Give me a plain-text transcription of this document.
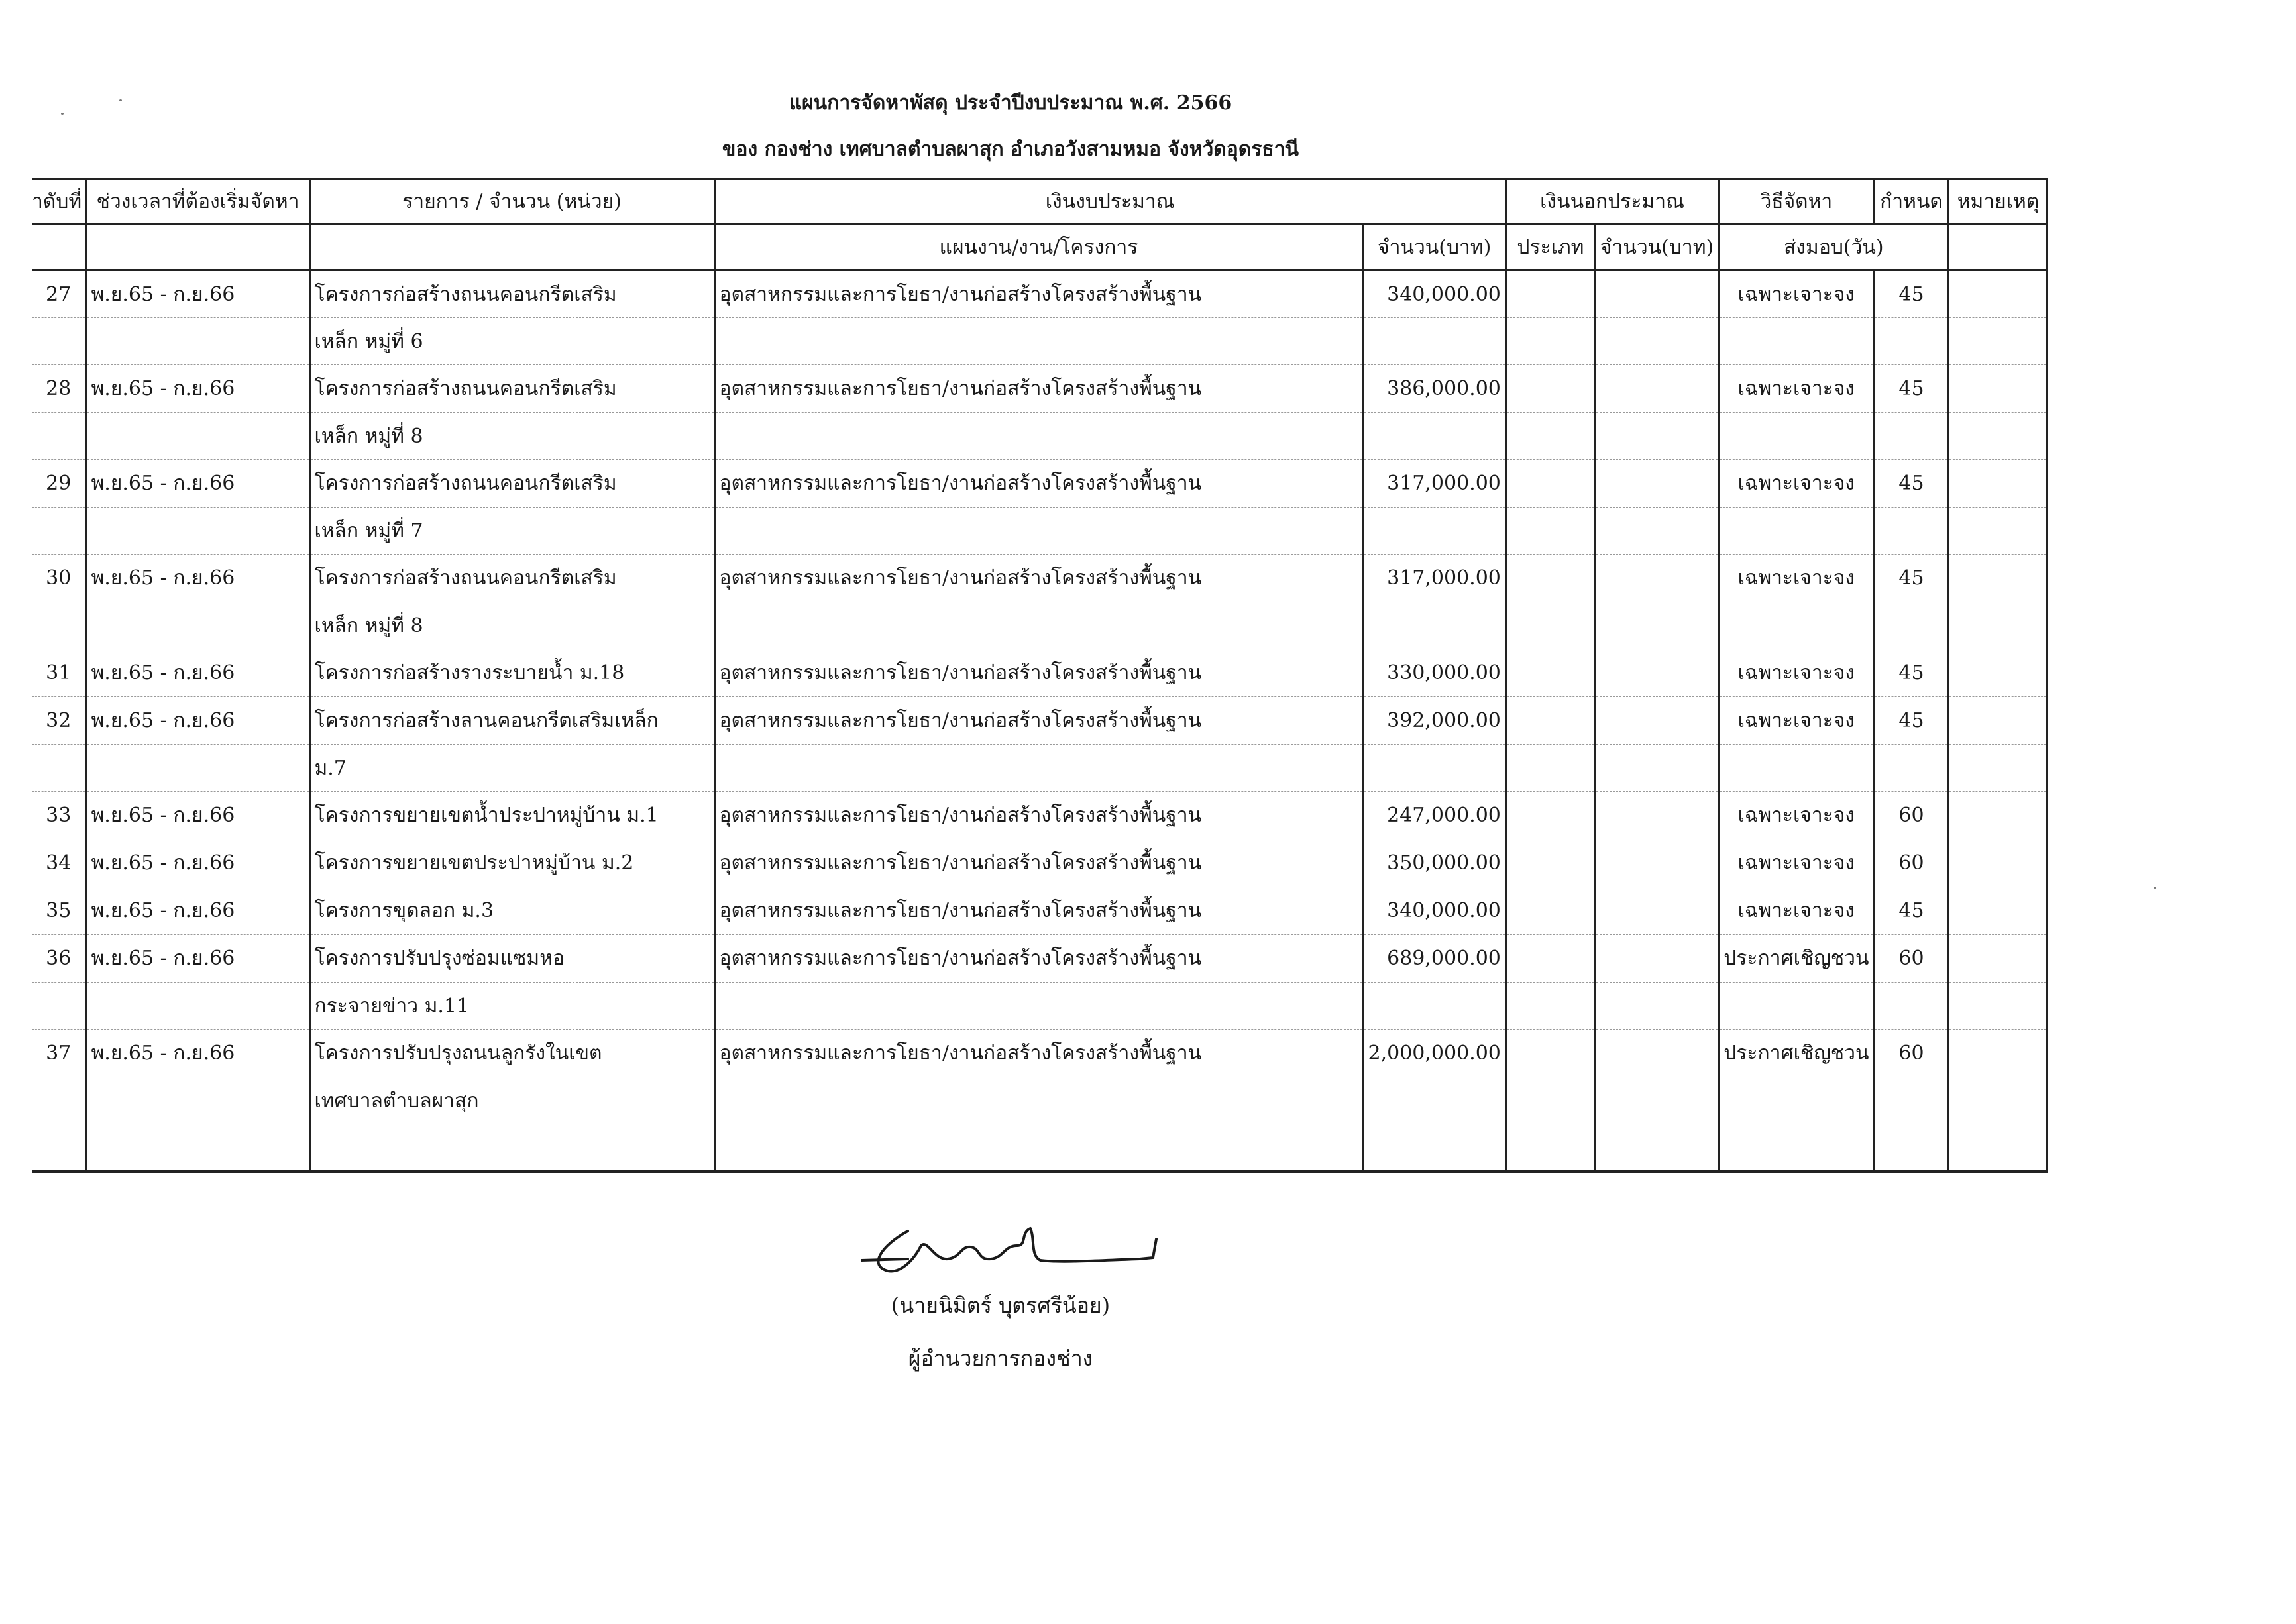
แผนการจัดหาพัสดุ ประจำปีงบประมาณ พ.ศ. 2566
ของ กองช่าง เทศบาลตำบลผาสุก อำเภอวังสามหมอ จังหวัดอุดรธานี
าดับที่	ช่วงเวลาที่ต้องเริ่มจัดหา	รายการ / จำนวน (หน่วย)	เงินงบประมาณ		เงินนอกประมาณ		วิธีจัดหา	กำหนด	หมายเหตุ
			แผนงาน/งาน/โครงการ	จำนวน(บาท)	ประเภท	จำนวน(บาท)	ส่งมอบ(วัน)		
27	พ.ย.65 - ก.ย.66	โครงการก่อสร้างถนนคอนกรีตเสริม	อุตสาหกรรมและการโยธา/งานก่อสร้างโครงสร้างพื้นฐาน	340,000.00			เฉพาะเจาะจง	45	
		เหล็ก หมู่ที่ 6							
28	พ.ย.65 - ก.ย.66	โครงการก่อสร้างถนนคอนกรีตเสริม	อุตสาหกรรมและการโยธา/งานก่อสร้างโครงสร้างพื้นฐาน	386,000.00			เฉพาะเจาะจง	45	
		เหล็ก หมู่ที่ 8							
29	พ.ย.65 - ก.ย.66	โครงการก่อสร้างถนนคอนกรีตเสริม	อุตสาหกรรมและการโยธา/งานก่อสร้างโครงสร้างพื้นฐาน	317,000.00			เฉพาะเจาะจง	45	
		เหล็ก หมู่ที่ 7							
30	พ.ย.65 - ก.ย.66	โครงการก่อสร้างถนนคอนกรีตเสริม	อุตสาหกรรมและการโยธา/งานก่อสร้างโครงสร้างพื้นฐาน	317,000.00			เฉพาะเจาะจง	45	
		เหล็ก หมู่ที่ 8							
31	พ.ย.65 - ก.ย.66	โครงการก่อสร้างรางระบายน้ำ ม.18	อุตสาหกรรมและการโยธา/งานก่อสร้างโครงสร้างพื้นฐาน	330,000.00			เฉพาะเจาะจง	45	
32	พ.ย.65 - ก.ย.66	โครงการก่อสร้างลานคอนกรีตเสริมเหล็ก	อุตสาหกรรมและการโยธา/งานก่อสร้างโครงสร้างพื้นฐาน	392,000.00			เฉพาะเจาะจง	45	
		ม.7							
33	พ.ย.65 - ก.ย.66	โครงการขยายเขตน้ำประปาหมู่บ้าน ม.1	อุตสาหกรรมและการโยธา/งานก่อสร้างโครงสร้างพื้นฐาน	247,000.00			เฉพาะเจาะจง	60	
34	พ.ย.65 - ก.ย.66	โครงการขยายเขตประปาหมู่บ้าน ม.2	อุตสาหกรรมและการโยธา/งานก่อสร้างโครงสร้างพื้นฐาน	350,000.00			เฉพาะเจาะจง	60	
35	พ.ย.65 - ก.ย.66	โครงการขุดลอก ม.3	อุตสาหกรรมและการโยธา/งานก่อสร้างโครงสร้างพื้นฐาน	340,000.00			เฉพาะเจาะจง	45	
36	พ.ย.65 - ก.ย.66	โครงการปรับปรุงซ่อมแซมหอ	อุตสาหกรรมและการโยธา/งานก่อสร้างโครงสร้างพื้นฐาน	689,000.00			ประกาศเชิญชวน	60	
		กระจายข่าว ม.11							
37	พ.ย.65 - ก.ย.66	โครงการปรับปรุงถนนลูกรังในเขต	อุตสาหกรรมและการโยธา/งานก่อสร้างโครงสร้างพื้นฐาน	2,000,000.00			ประกาศเชิญชวน	60	
		เทศบาลตำบลผาสุก							

(นายนิมิตร์ บุตรศรีน้อย)
ผู้อำนวยการกองช่าง
